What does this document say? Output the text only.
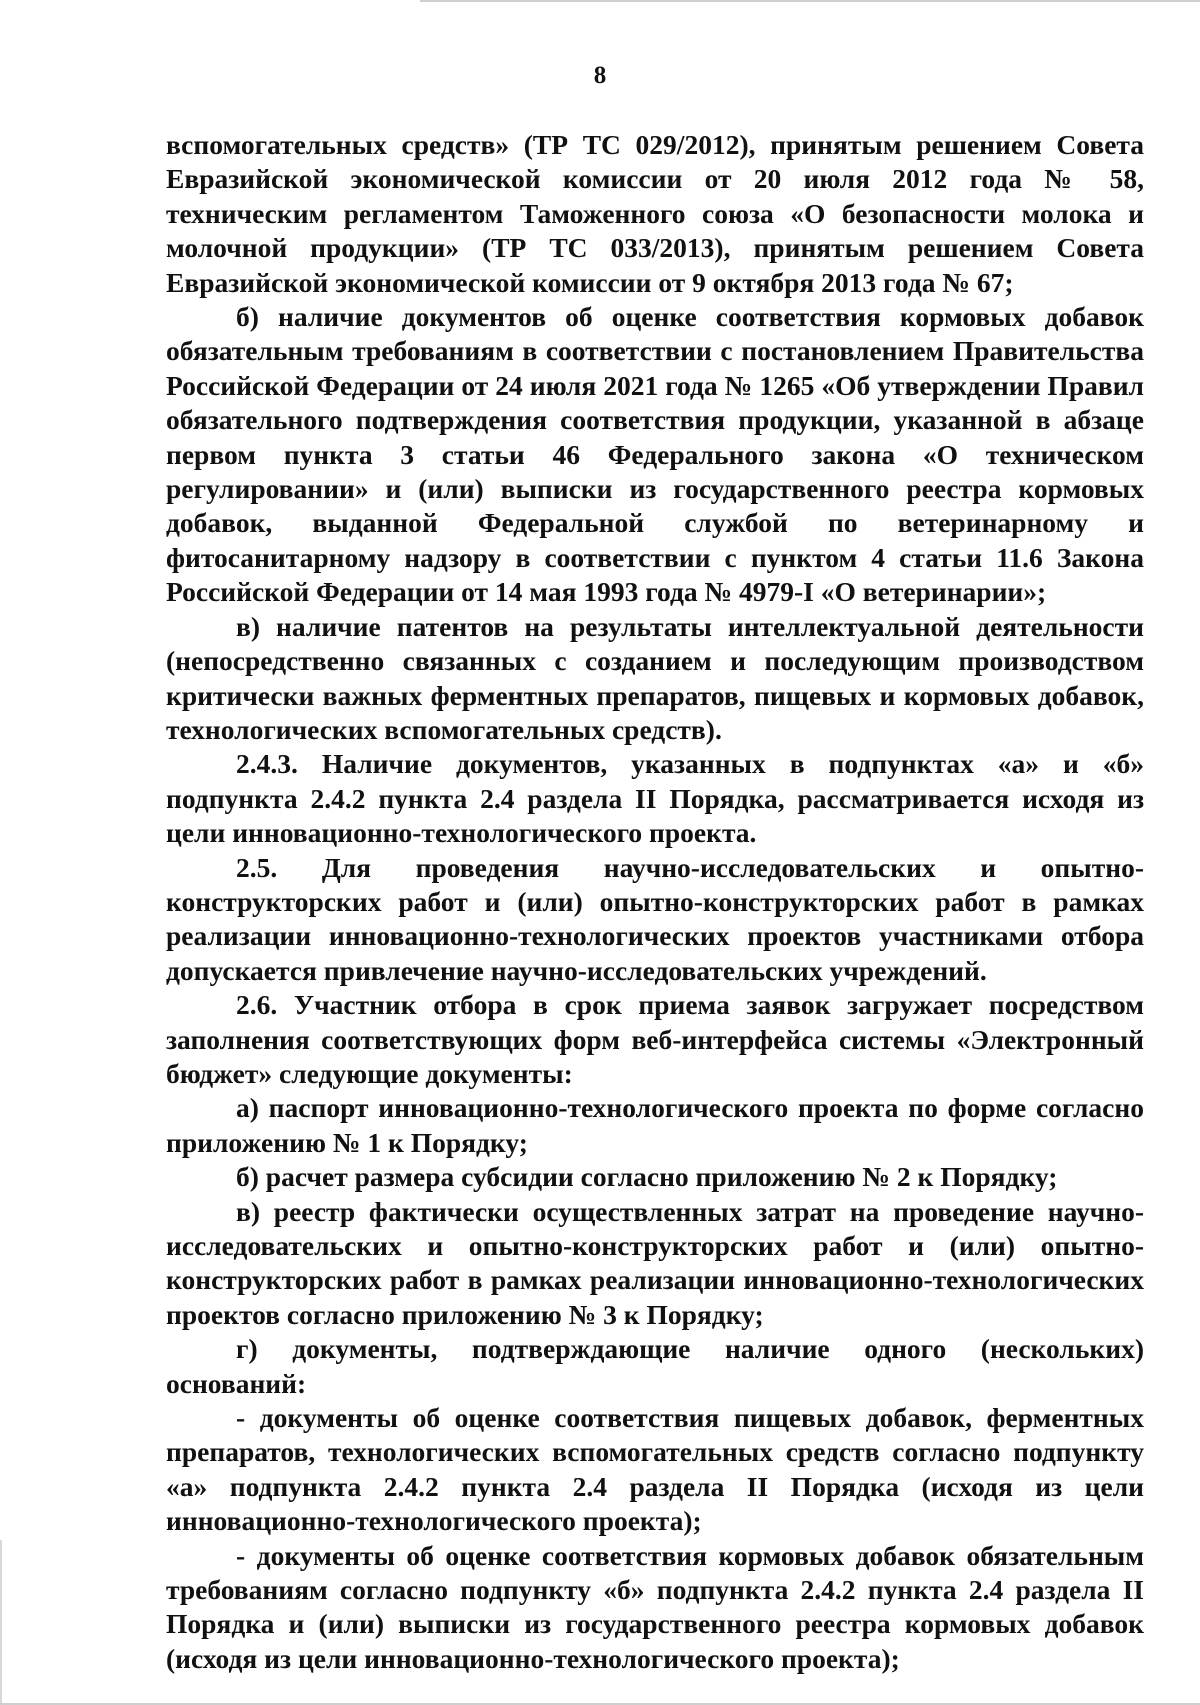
8

вспомогательных средств» (ТР ТС 029/2012), принятым решением Совета Евразийской экономической комиссии от 20 июля 2012 года № 58, техническим регламентом Таможенного союза «О безопасности молока и молочной продукции» (ТР ТС 033/2013), принятым решением Совета Евразийской экономической комиссии от 9 октября 2013 года № 67;

б) наличие документов об оценке соответствия кормовых добавок обязательным требованиям в соответствии с постановлением Правительства Российской Федерации от 24 июля 2021 года № 1265 «Об утверждении Правил обязательного подтверждения соответствия продукции, указанной в абзаце первом пункта 3 статьи 46 Федерального закона «О техническом регулировании» и (или) выписки из государственного реестра кормовых добавок, выданной Федеральной службой по ветеринарному и фитосанитарному надзору в соответствии с пунктом 4 статьи 11.6 Закона Российской Федерации от 14 мая 1993 года № 4979-I «О ветеринарии»;

в) наличие патентов на результаты интеллектуальной деятельности (непосредственно связанных с созданием и последующим производством критически важных ферментных препаратов, пищевых и кормовых добавок, технологических вспомогательных средств).

2.4.3. Наличие документов, указанных в подпунктах «а» и «б» подпункта 2.4.2 пункта 2.4 раздела II Порядка, рассматривается исходя из цели инновационно-технологического проекта.

2.5. Для проведения научно-исследовательских и опытно-конструкторских работ и (или) опытно-конструкторских работ в рамках реализации инновационно-технологических проектов участниками отбора допускается привлечение научно-исследовательских учреждений.

2.6. Участник отбора в срок приема заявок загружает посредством заполнения соответствующих форм веб-интерфейса системы «Электронный бюджет» следующие документы:

а) паспорт инновационно-технологического проекта по форме согласно приложению № 1 к Порядку;

б) расчет размера субсидии согласно приложению № 2 к Порядку;

в) реестр фактически осуществленных затрат на проведение научно-исследовательских и опытно-конструкторских работ и (или) опытно-конструкторских работ в рамках реализации инновационно-технологических проектов согласно приложению № 3 к Порядку;

г) документы, подтверждающие наличие одного (нескольких) оснований:

- документы об оценке соответствия пищевых добавок, ферментных препаратов, технологических вспомогательных средств согласно подпункту «а» подпункта 2.4.2 пункта 2.4 раздела II Порядка (исходя из цели инновационно-технологического проекта);

- документы об оценке соответствия кормовых добавок обязательным требованиям согласно подпункту «б» подпункта 2.4.2 пункта 2.4 раздела II Порядка и (или) выписки из государственного реестра кормовых добавок (исходя из цели инновационно-технологического проекта);
